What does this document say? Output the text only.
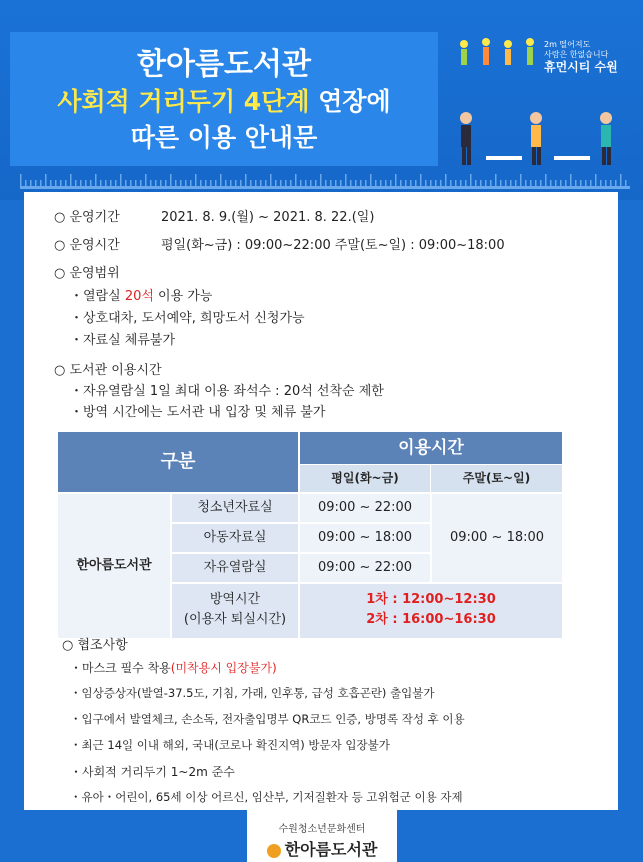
한아름도서관
사회적 거리두기 4단계 연장에
따른 이용 안내문
2m 떨어져도
사람은 한없습니다
휴먼시티 수원
○ 운영기간	2021. 8. 9.(월) ~ 2021. 8. 22.(일)
○ 운영시간	평일(화~금) : 09:00~22:00 주말(토~일) : 09:00~18:00
○ 운영범위
・열람실 20석 이용 가능
・상호대차, 도서예약, 희망도서 신청가능
・자료실 체류불가
○ 도서관 이용시간
・자유열람실 1일 최대 이용 좌석수 : 20석 선착순 제한
・방역 시간에는 도서관 내 입장 및 체류 불가
구분
이용시간
평일(화~금)	주말(토~일)
한아름도서관
청소년자료실	09:00 ~ 22:00
아동자료실	09:00 ~ 18:00
자유열람실	09:00 ~ 22:00
09:00 ~ 18:00
방역시간
(이용자 퇴실시간)
1차 : 12:00~12:30
2차 : 16:00~16:30
○ 협조사항
・마스크 필수 착용(미착용시 입장불가)
・임상증상자(발열-37.5도, 기침, 가래, 인후통, 급성 호흡곤란) 출입불가
・입구에서 발열체크, 손소독, 전자출입명부 QR코드 인증, 방명록 작성 후 이용
・최근 14일 이내 해외, 국내(코로나 확진지역) 방문자 입장불가
・사회적 거리두기 1~2m 준수
・유아・어린이, 65세 이상 어르신, 임산부, 기저질환자 등 고위험군 이용 자제
수원청소년문화센터
한아름도서관
